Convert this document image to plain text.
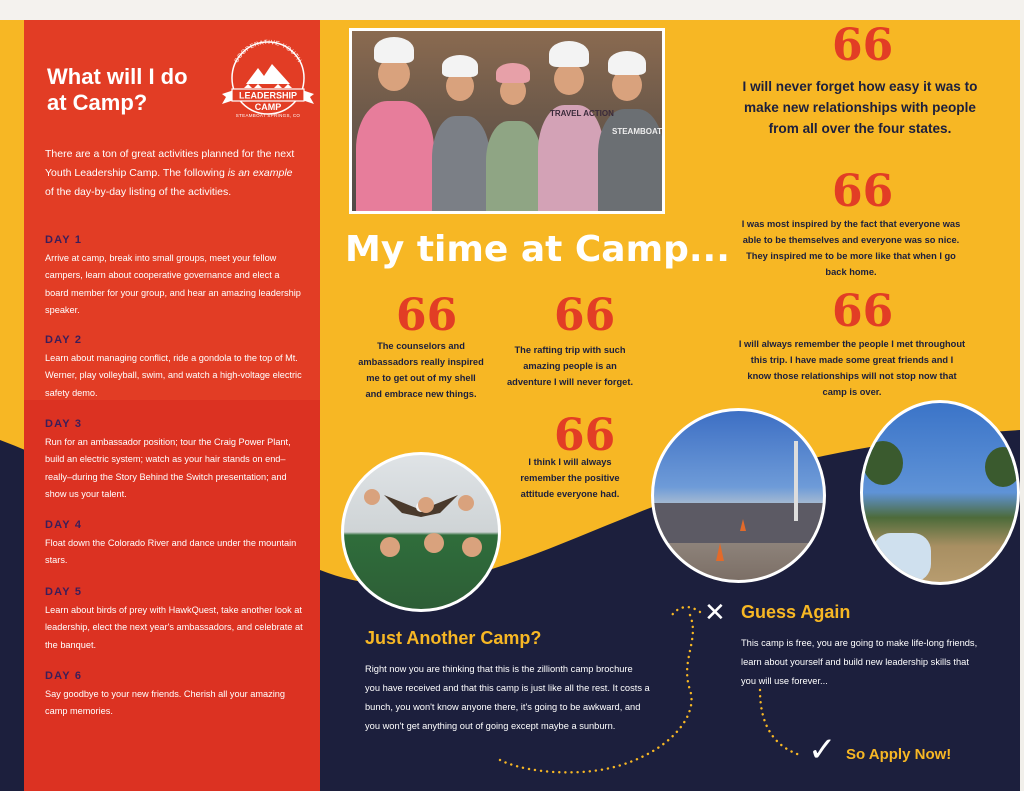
What will I do
at Camp?
COOPERATIVE YOUTH
LEADERSHIP
CAMP
STEAMBOAT SPRINGS, CO
There are a ton of great activities planned for the next Youth Leadership Camp. The following is an example of the day-by-day listing of the activities.
DAY 1
Arrive at camp, break into small groups, meet your fellow campers, learn about cooperative governance and elect a board member for your group, and hear an amazing leadership speaker.
DAY 2
Learn about managing conflict, ride a gondola to the top of Mt. Werner, play volleyball, swim, and watch a high-voltage electric safety demo.
DAY 3
Run for an ambassador position; tour the Craig Power Plant, build an electric system; watch as your hair stands on end–really–during the Story Behind the Switch presentation; and show us your talent.
DAY 4
Float down the Colorado River and dance under the mountain stars.
DAY 5
Learn about birds of prey with HawkQuest, take another look at leadership, elect the next year's ambassadors, and celebrate at the banquet.
DAY 6
Say goodbye to your new friends. Cherish all your amazing camp memories.
TRAVEL ACTION
STEAMBOAT
My time at Camp...
66
The counselors and ambassadors really inspired me to get out of my shell and embrace new things.
66
The rafting trip with such amazing people is an adventure I will never forget.
66
I think I will always remember the positive attitude everyone had.
66
I will never forget how easy it was to make new relationships with people from all over the four states.
66
I was most inspired by the fact that everyone was able to be themselves and everyone was so nice. They inspired me to be more like that when I go back home.
66
I will always remember the people I met throughout this trip. I have made some great friends and I know those relationships will not stop now that camp is over.
Just Another Camp?
Right now you are thinking that this is the zillionth camp brochure you have received and that this camp is just like all the rest. It costs a bunch, you won't know anyone there, it's going to be awkward, and you won't get anything out of going except maybe a sunburn.
✕ Guess Again
This camp is free, you are going to make life-long friends, learn about yourself and build new leadership skills that you will use forever...
✓ So Apply Now!
